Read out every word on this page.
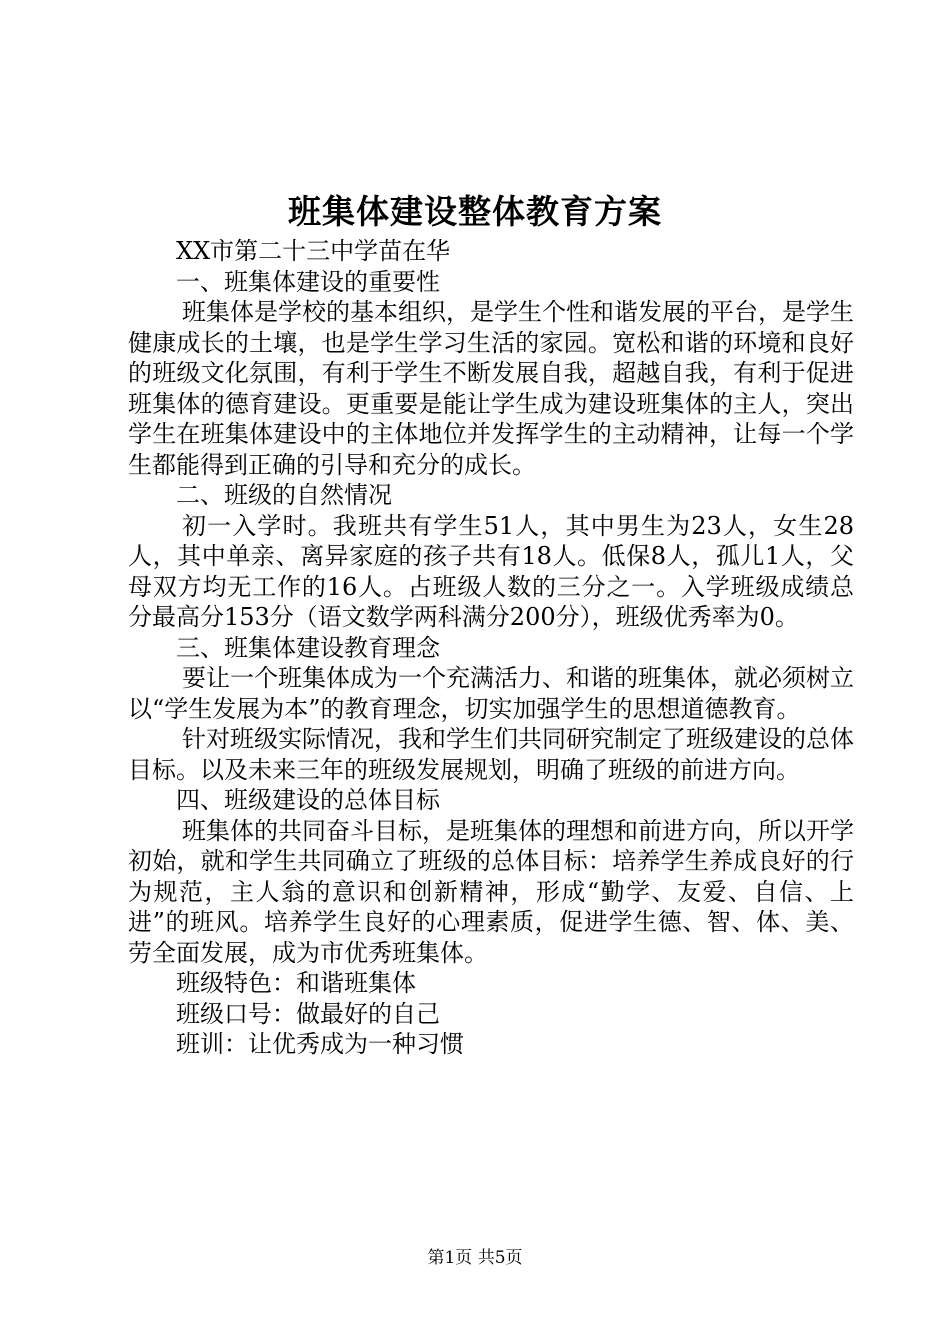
班集体建设整体教育方案

XX市第二十三中学苗在华

一、班集体建设的重要性

班集体是学校的基本组织，是学生个性和谐发展的平台，是学生健康成长的土壤，也是学生学习生活的家园。宽松和谐的环境和良好的班级文化氛围，有利于学生不断发展自我，超越自我，有利于促进班集体的德育建设。更重要是能让学生成为建设班集体的主人，突出学生在班集体建设中的主体地位并发挥学生的主动精神，让每一个学生都能得到正确的引导和充分的成长。

二、班级的自然情况

初一入学时。我班共有学生51人，其中男生为23人，女生28人，其中单亲、离异家庭的孩子共有18人。低保8人，孤儿1人，父母双方均无工作的16人。占班级人数的三分之一。入学班级成绩总分最高分153分（语文数学两科满分200分），班级优秀率为0。

三、班集体建设教育理念

要让一个班集体成为一个充满活力、和谐的班集体，就必须树立以“学生发展为本”的教育理念，切实加强学生的思想道德教育。

针对班级实际情况，我和学生们共同研究制定了班级建设的总体目标。以及未来三年的班级发展规划，明确了班级的前进方向。

四、班级建设的总体目标

班集体的共同奋斗目标，是班集体的理想和前进方向，所以开学初始，就和学生共同确立了班级的总体目标：培养学生养成良好的行为规范，主人翁的意识和创新精神，形成“勤学、友爱、自信、上进”的班风。培养学生良好的心理素质，促进学生德、智、体、美、劳全面发展，成为市优秀班集体。

班级特色：和谐班集体

班级口号：做最好的自己

班训：让优秀成为一种习惯

第1页 共5页
